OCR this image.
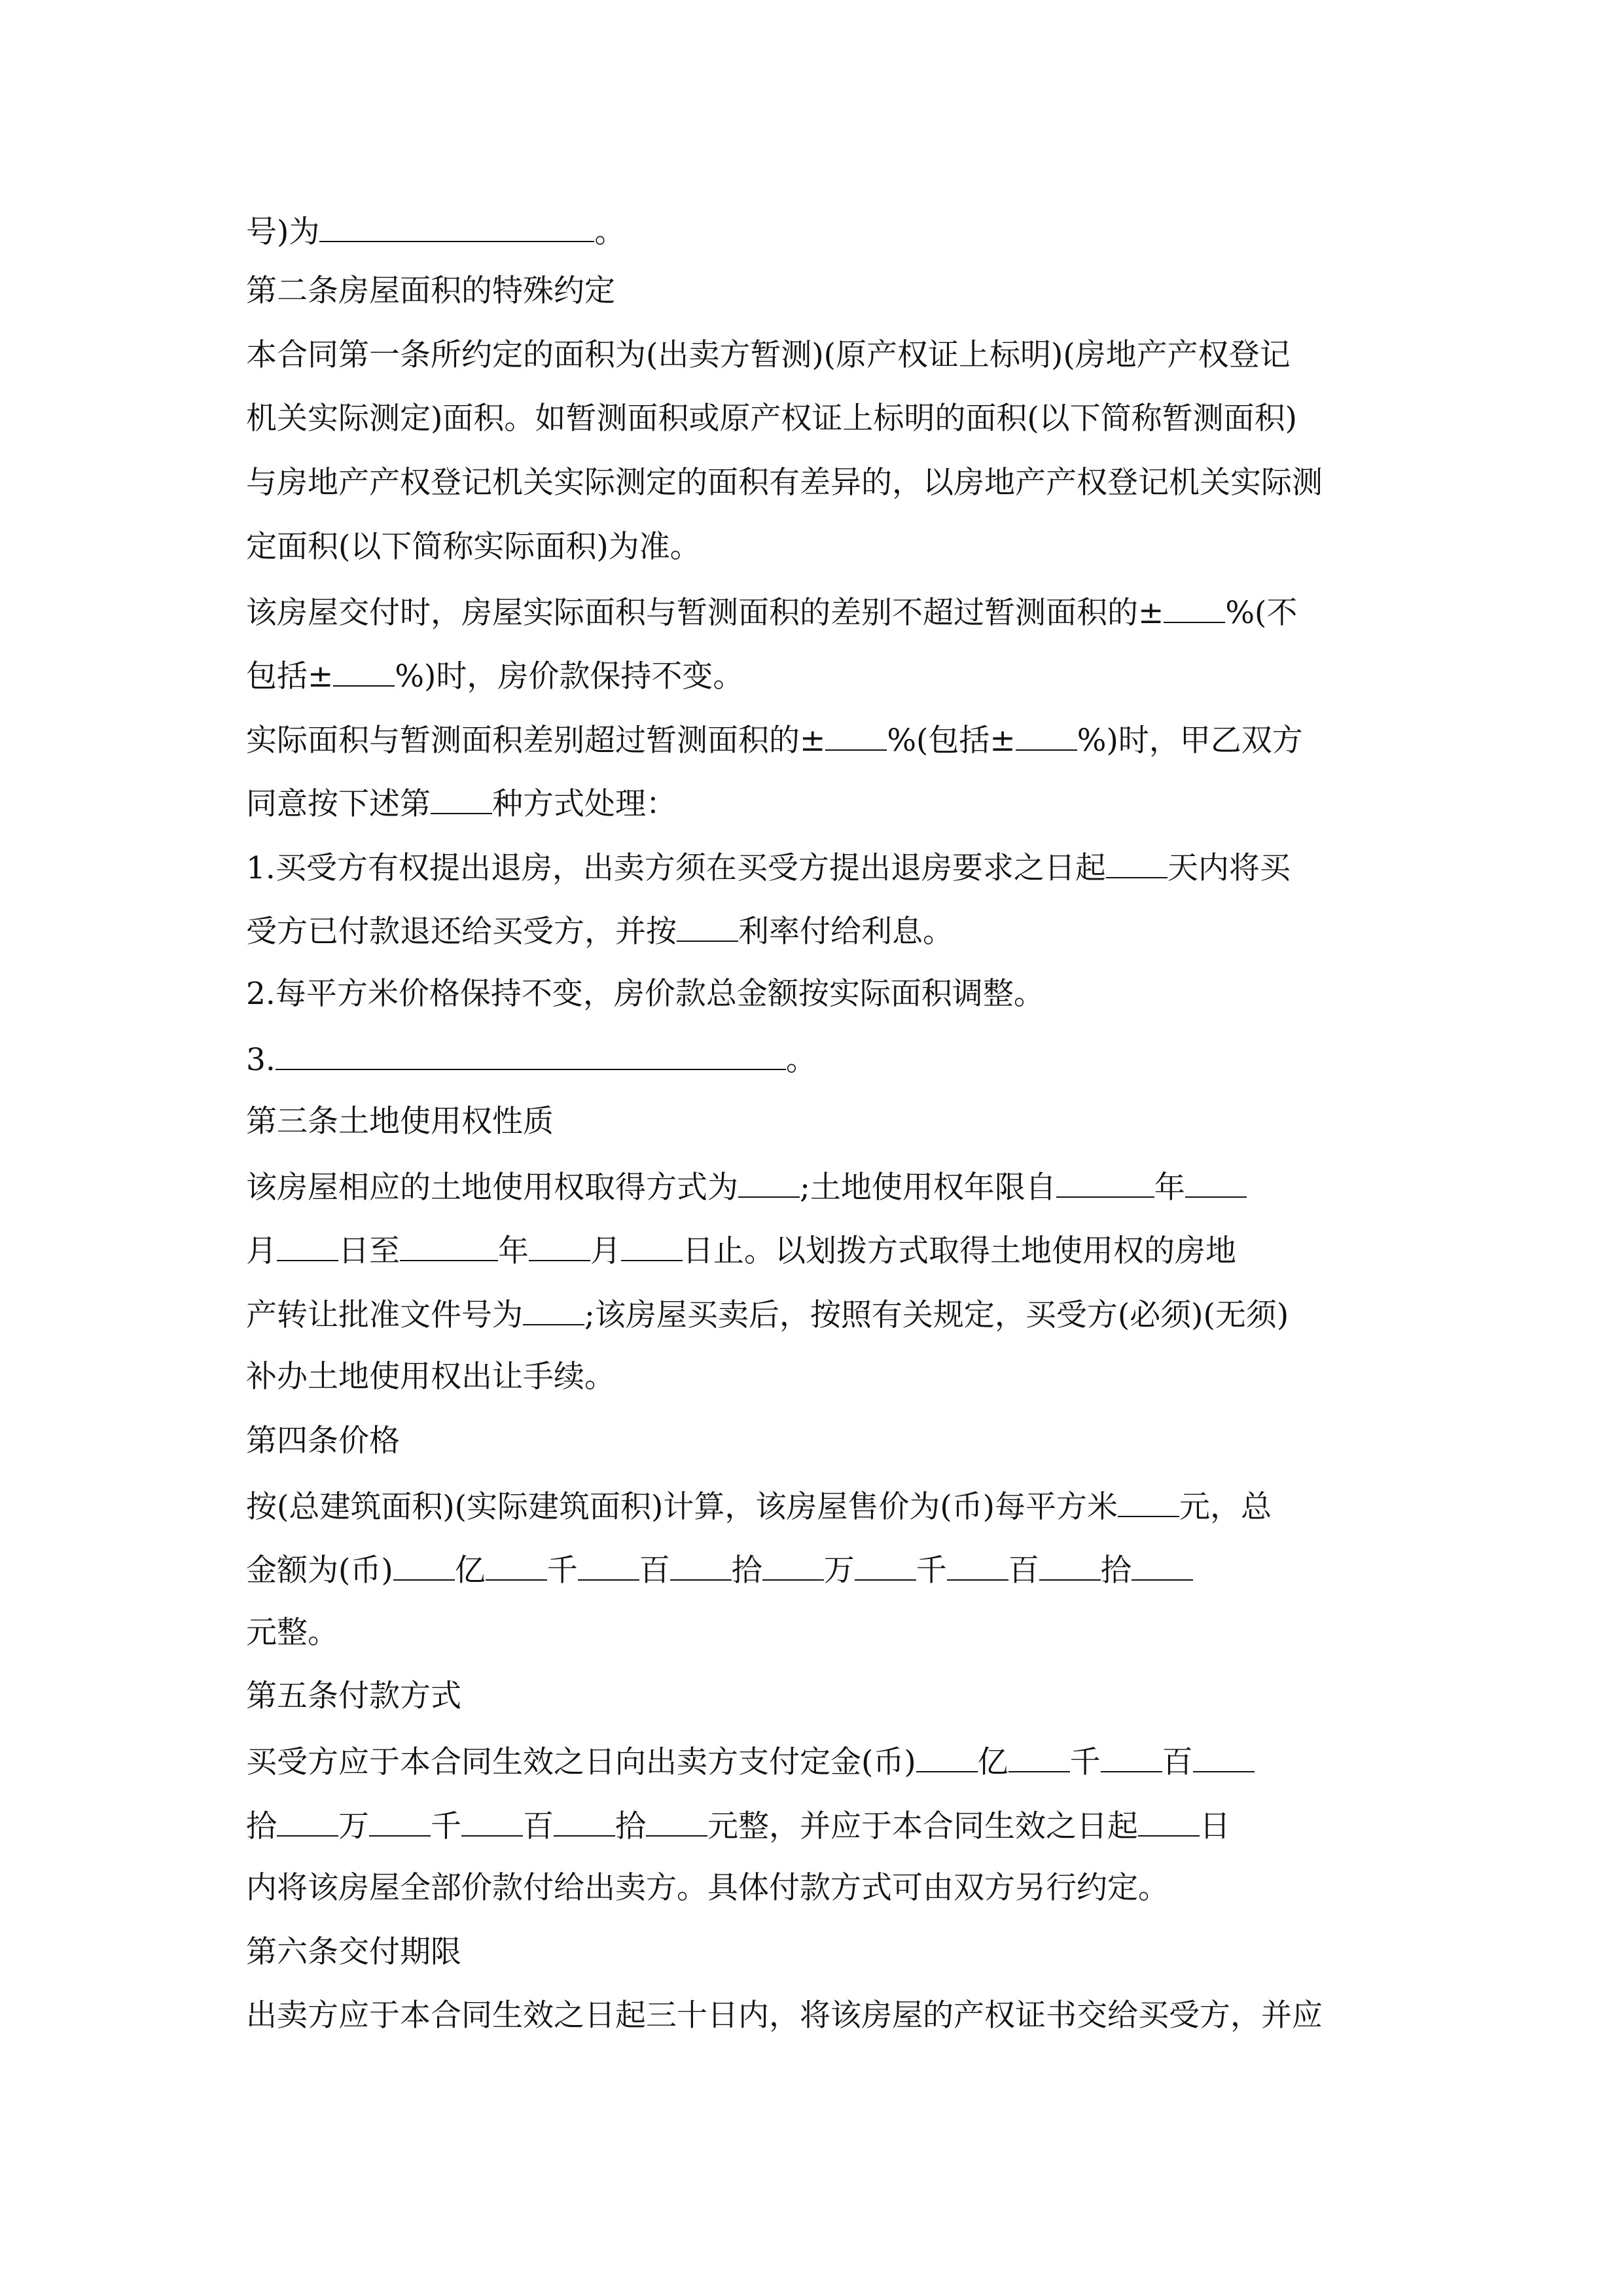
号)为	。
第二条房屋面积的特殊约定
本合同第一条所约定的面积为(出卖方暂测)(原产权证上标明)(房地产产权登记
机关实际测定)面积。如暂测面积或原产权证上标明的面积(以下简称暂测面积)
与房地产产权登记机关实际测定的面积有差异的，以房地产产权登记机关实际测
定面积(以下简称实际面积)为准。
该房屋交付时，房屋实际面积与暂测面积的差别不超过暂测面积的± %(不
包括± %)时，房价款保持不变。
实际面积与暂测面积差别超过暂测面积的± %(包括± %)时，甲乙双方
同意按下述第 种方式处理：
1.买受方有权提出退房，出卖方须在买受方提出退房要求之日起 天内将买
受方已付款退还给买受方，并按 利率付给利息。
2.每平方米价格保持不变，房价款总金额按实际面积调整。
3.	。
第三条土地使用权性质
该房屋相应的土地使用权取得方式为 ;土地使用权年限自	年
月 日至	年 月 日止。以划拨方式取得土地使用权的房地
产转让批准文件号为 ;该房屋买卖后，按照有关规定，买受方(必须)(无须)
补办土地使用权出让手续。
第四条价格
按(总建筑面积)(实际建筑面积)计算，该房屋售价为(币)每平方米 元，总
金额为(币) 亿 千 百 拾 万 千 百 拾
元整。
第五条付款方式
买受方应于本合同生效之日向出卖方支付定金(币) 亿 千 百
拾 万 千 百 拾 元整，并应于本合同生效之日起 日
内将该房屋全部价款付给出卖方。具体付款方式可由双方另行约定。
第六条交付期限
出卖方应于本合同生效之日起三十日内，将该房屋的产权证书交给买受方，并应
